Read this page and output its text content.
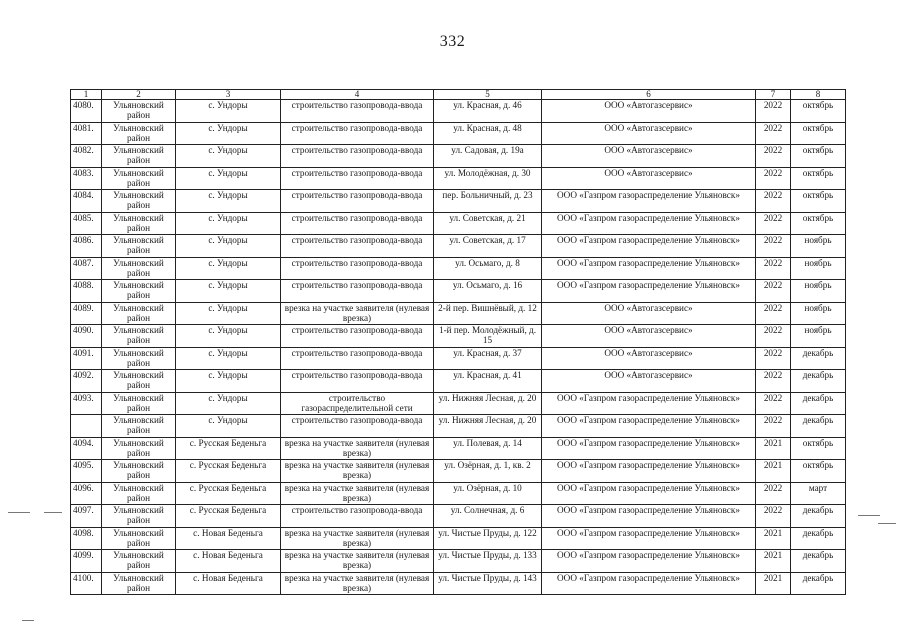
332
1	2	3	4	5	6	7	8
4080.	Ульяновский район	с. Ундоры	строительство газопровода-ввода	ул. Красная, д. 46	ООО «Автогазсервис»	2022	октябрь
4081.	Ульяновский район	с. Ундоры	строительство газопровода-ввода	ул. Красная, д. 48	ООО «Автогазсервис»	2022	октябрь
4082.	Ульяновский район	с. Ундоры	строительство газопровода-ввода	ул. Садовая, д. 19а	ООО «Автогазсервис»	2022	октябрь
4083.	Ульяновский район	с. Ундоры	строительство газопровода-ввода	ул. Молодёжная, д. 30	ООО «Автогазсервис»	2022	октябрь
4084.	Ульяновский район	с. Ундоры	строительство газопровода-ввода	пер. Больничный, д. 23	ООО «Газпром газораспределение Ульяновск»	2022	октябрь
4085.	Ульяновский район	с. Ундоры	строительство газопровода-ввода	ул. Советская, д. 21	ООО «Газпром газораспределение Ульяновск»	2022	октябрь
4086.	Ульяновский район	с. Ундоры	строительство газопровода-ввода	ул. Советская, д. 17	ООО «Газпром газораспределение Ульяновск»	2022	ноябрь
4087.	Ульяновский район	с. Ундоры	строительство газопровода-ввода	ул. Осьмаго, д. 8	ООО «Газпром газораспределение Ульяновск»	2022	ноябрь
4088.	Ульяновский район	с. Ундоры	строительство газопровода-ввода	ул. Осьмаго, д. 16	ООО «Газпром газораспределение Ульяновск»	2022	ноябрь
4089.	Ульяновский район	с. Ундоры	врезка на участке заявителя (нулевая врезка)	2-й пер. Вишнёвый, д. 12	ООО «Автогазсервис»	2022	ноябрь
4090.	Ульяновский район	с. Ундоры	строительство газопровода-ввода	1-й пер. Молодёжный, д. 15	ООО «Автогазсервис»	2022	ноябрь
4091.	Ульяновский район	с. Ундоры	строительство газопровода-ввода	ул. Красная, д. 37	ООО «Автогазсервис»	2022	декабрь
4092.	Ульяновский район	с. Ундоры	строительство газопровода-ввода	ул. Красная, д. 41	ООО «Автогазсервис»	2022	декабрь
4093.	Ульяновский район	с. Ундоры	строительство газораспределительной сети	ул. Нижняя Лесная, д. 20	ООО «Газпром газораспределение Ульяновск»	2022	декабрь
	Ульяновский район	с. Ундоры	строительство газопровода-ввода	ул. Нижняя Лесная, д. 20	ООО «Газпром газораспределение Ульяновск»	2022	декабрь
4094.	Ульяновский район	с. Русская Беденьга	врезка на участке заявителя (нулевая врезка)	ул. Полевая, д. 14	ООО «Газпром газораспределение Ульяновск»	2021	октябрь
4095.	Ульяновский район	с. Русская Беденьга	врезка на участке заявителя (нулевая врезка)	ул. Озёрная, д. 1, кв. 2	ООО «Газпром газораспределение Ульяновск»	2021	октябрь
4096.	Ульяновский район	с. Русская Беденьга	врезка на участке заявителя (нулевая врезка)	ул. Озёрная, д. 10	ООО «Газпром газораспределение Ульяновск»	2022	март
4097.	Ульяновский район	с. Русская Беденьга	строительство газопровода-ввода	ул. Солнечная, д. 6	ООО «Газпром газораспределение Ульяновск»	2022	декабрь
4098.	Ульяновский район	с. Новая Беденьга	врезка на участке заявителя (нулевая врезка)	ул. Чистые Пруды, д. 122	ООО «Газпром газораспределение Ульяновск»	2021	декабрь
4099.	Ульяновский район	с. Новая Беденьга	врезка на участке заявителя (нулевая врезка)	ул. Чистые Пруды, д. 133	ООО «Газпром газораспределение Ульяновск»	2021	декабрь
4100.	Ульяновский район	с. Новая Беденьга	врезка на участке заявителя (нулевая врезка)	ул. Чистые Пруды, д. 143	ООО «Газпром газораспределение Ульяновск»	2021	декабрь
